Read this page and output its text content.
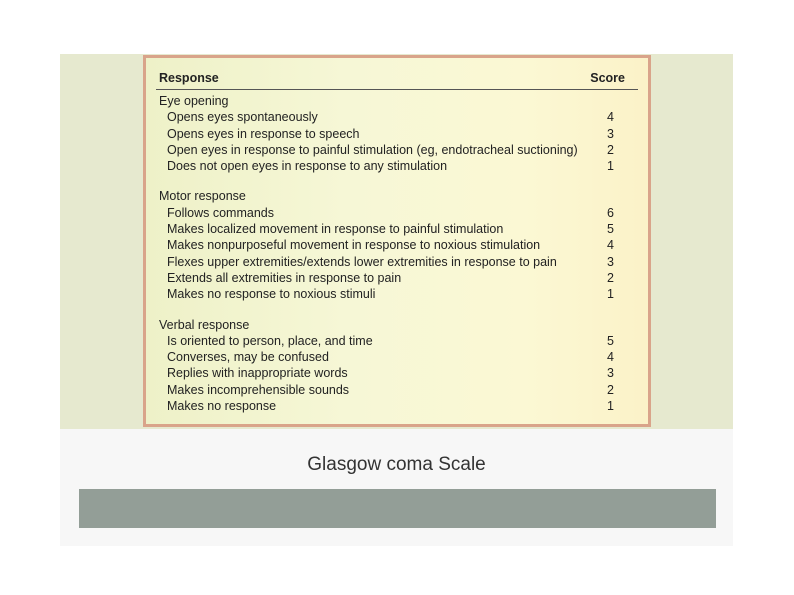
Response	Score
Eye opening
Opens eyes spontaneously	4
Opens eyes in response to speech	3
Open eyes in response to painful stimulation (eg, endotracheal suctioning) 2
Does not open eyes in response to any stimulation	1
Motor response
Follows commands	6
Makes localized movement in response to painful stimulation	5
Makes nonpurposeful movement in response to noxious stimulation	4
Flexes upper extremities/extends lower extremities in response to pain	3
Extends all extremities in response to pain	2
Makes no response to noxious stimuli	1
Verbal response
Is oriented to person, place, and time	5
Converses, may be confused	4
Replies with inappropriate words	3
Makes incomprehensible sounds	2
Makes no response	1
Glasgow coma Scale
